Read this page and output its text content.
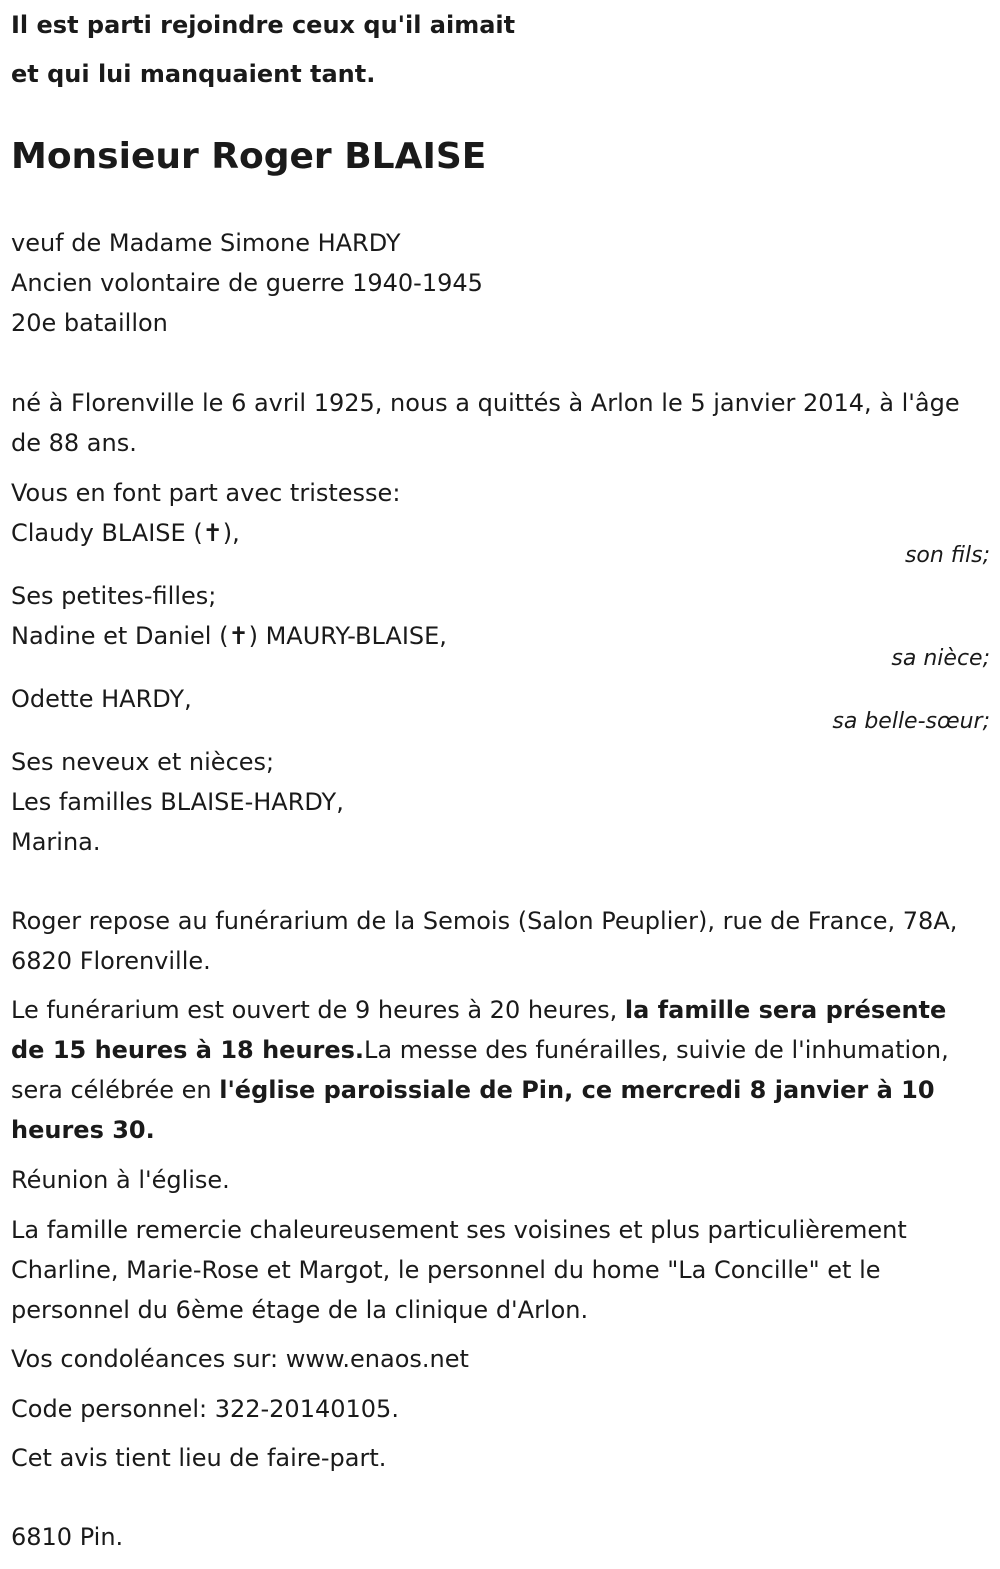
Il est parti rejoindre ceux qu'il aimait
et qui lui manquaient tant.
Monsieur Roger BLAISE
veuf de Madame Simone HARDY
Ancien volontaire de guerre 1940-1945
20e bataillon
né à Florenville le 6 avril 1925, nous a quittés à Arlon le 5 janvier 2014, à l'âge de 88 ans.
Vous en font part avec tristesse:
Claudy BLAISE (✝),
son fils;
Ses petites-filles;
Nadine et Daniel (✝) MAURY-BLAISE,
sa nièce;
Odette HARDY,
sa belle-sœur;
Ses neveux et nièces;
Les familles BLAISE-HARDY,
Marina.
Roger repose au funérarium de la Semois (Salon Peuplier), rue de France, 78A, 6820 Florenville.
Le funérarium est ouvert de 9 heures à 20 heures, la famille sera présente de 15 heures à 18 heures.La messe des funérailles, suivie de l'inhumation, sera célébrée en l'église paroissiale de Pin, ce mercredi 8 janvier à 10 heures 30.
Réunion à l'église.
La famille remercie chaleureusement ses voisines et plus particulièrement Charline, Marie-Rose et Margot, le personnel du home "La Concille" et le personnel du 6ème étage de la clinique d'Arlon.
Vos condoléances sur: www.enaos.net
Code personnel: 322-20140105.
Cet avis tient lieu de faire-part.
6810 Pin.
